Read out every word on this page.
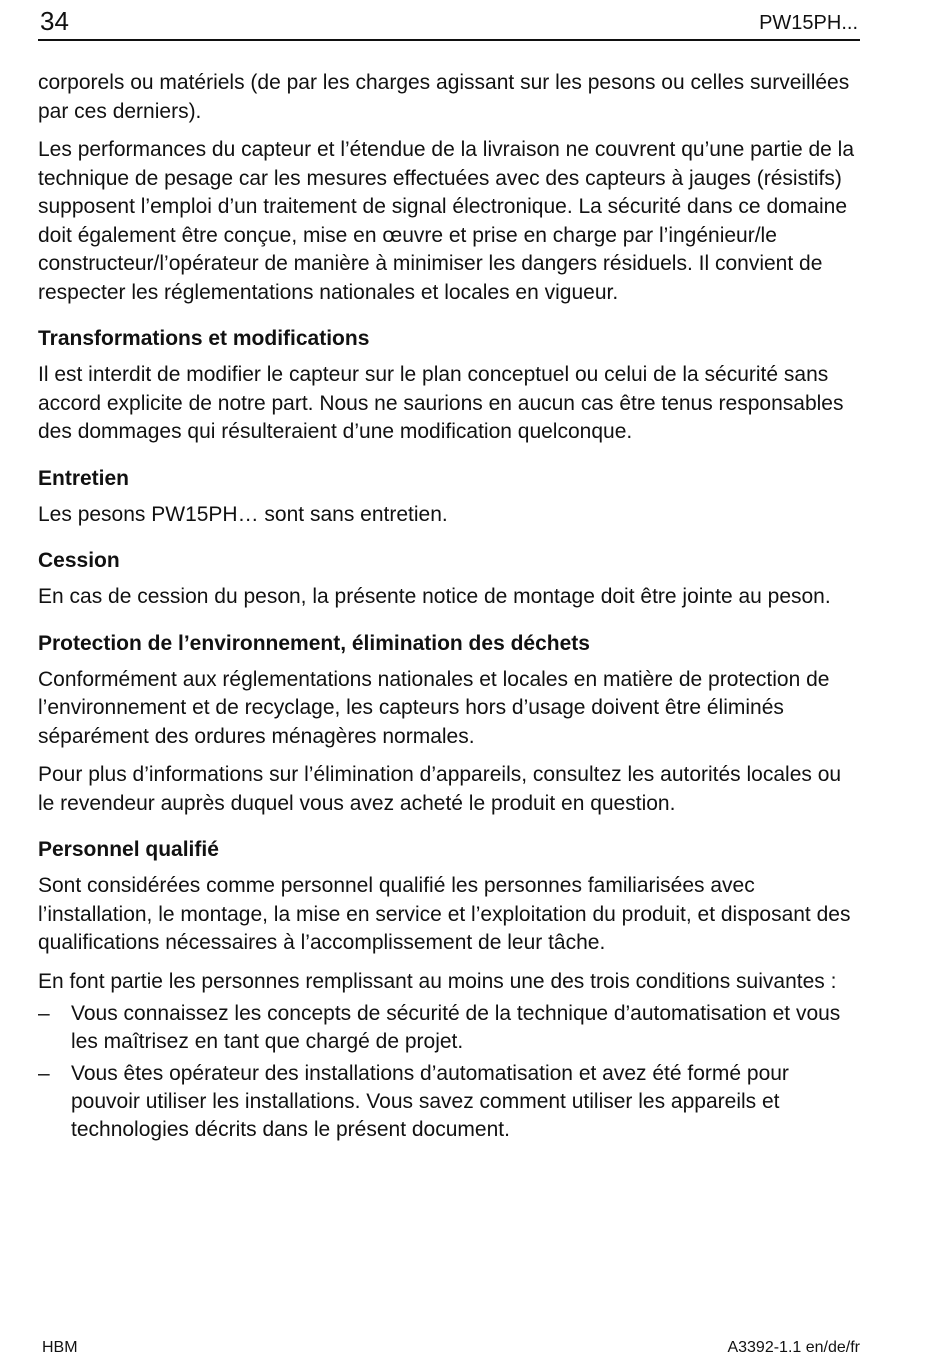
34	PW15PH...

corporels ou matériels (de par les charges agissant sur les pesons ou celles surveillées par ces derniers).

Les performances du capteur et l’étendue de la livraison ne couvrent qu’une partie de la technique de pesage car les mesures effectuées avec des capteurs à jauges (résistifs) supposent l’emploi d’un traitement de signal électronique. La sécurité dans ce domaine doit également être conçue, mise en œuvre et prise en charge par l’ingénieur/le constructeur/l’opérateur de manière à minimiser les dangers résiduels. Il convient de respecter les réglementations nationales et locales en vigueur.

Transformations et modifications

Il est interdit de modifier le capteur sur le plan conceptuel ou celui de la sécurité sans accord explicite de notre part. Nous ne saurions en aucun cas être tenus responsables des dommages qui résulteraient d’une modification quelconque.

Entretien

Les pesons PW15PH… sont sans entretien.

Cession

En cas de cession du peson, la présente notice de montage doit être jointe au peson.

Protection de l’environnement, élimination des déchets

Conformément aux réglementations nationales et locales en matière de protection de l’environnement et de recyclage, les capteurs hors d’usage doivent être éliminés séparément des ordures ménagères normales.

Pour plus d’informations sur l’élimination d’appareils, consultez les autorités locales ou le revendeur auprès duquel vous avez acheté le produit en question.

Personnel qualifié

Sont considérées comme personnel qualifié les personnes familiarisées avec l’installation, le montage, la mise en service et l’exploitation du produit, et disposant des qualifications nécessaires à l’accomplissement de leur tâche.

En font partie les personnes remplissant au moins une des trois conditions suivantes :

– Vous connaissez les concepts de sécurité de la technique d’automatisation et vous les maîtrisez en tant que chargé de projet.
– Vous êtes opérateur des installations d’automatisation et avez été formé pour pouvoir utiliser les installations. Vous savez comment utiliser les appareils et technologies décrits dans le présent document.
HBM	A3392-1.1 en/de/fr
